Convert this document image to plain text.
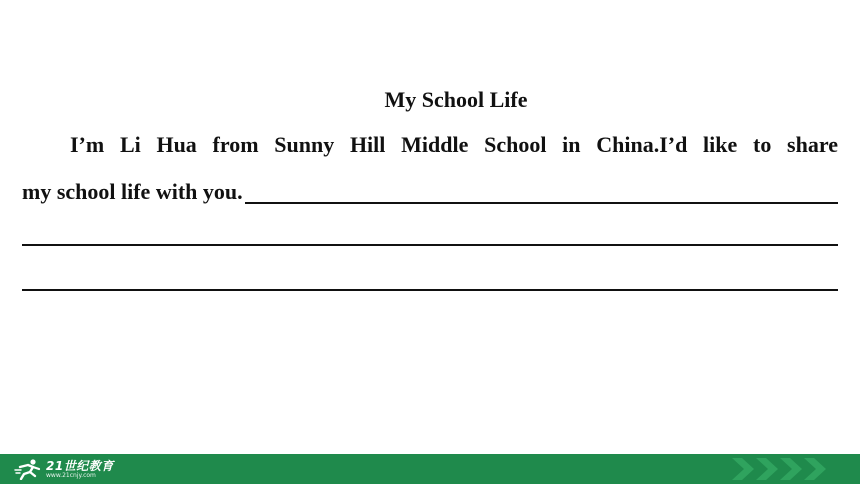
My School Life
I’m Li Hua from Sunny Hill Middle School in China.I’d like to share
my school life with you.
21世纪教育
www.21cnjy.com
